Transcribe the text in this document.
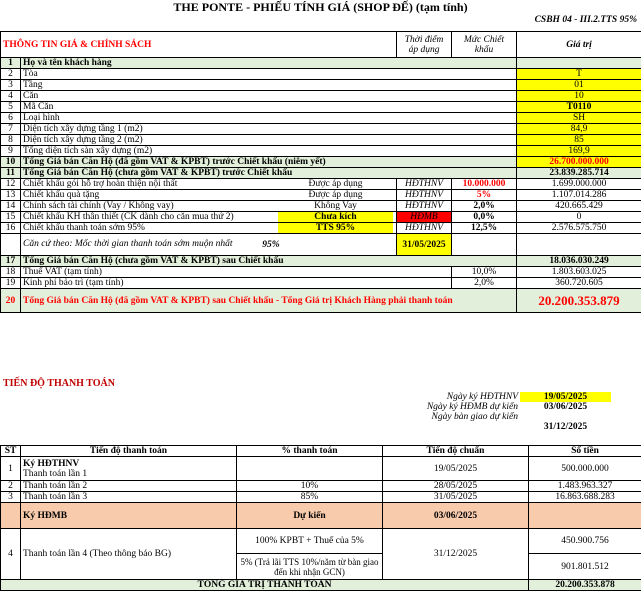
THE PONTE - PHIẾU TÍNH GIÁ (SHOP ĐẾ) (tạm tính)
CSBH 04 - III.2.TTS 95%
THÔNG TIN GIÁ & CHÍNH SÁCH		Thời điểm áp dụng	Mức Chiết khấu	Giá trị
1	Họ và tên khách hàng			
2	Tòa			T
3	Tầng			01
4	Căn			10
5	Mã Căn			T0110
6	Loại hình			SH
7	Diện tích xây dựng tầng 1 (m2)			84,9
8	Diện tích xây dựng tầng 2 (m2)			85
9	Tổng diện tích sàn xây dựng (m2)			169,9
10	Tổng Giá bán Căn Hộ (đã gồm VAT & KPBT) trước Chiết khấu (niêm yết)			26.700.000.000
11	Tổng Giá bán Căn Hộ (chưa gồm VAT & KPBT) trước Chiết khấu			23.839.285.714
12	Chiết khấu gói hỗ trợ hoàn thiện nội thất Được áp dụng	HĐTHNV	10.000.000	1.699.000.000
13	Chiết khấu quà tặng Được áp dụng	HĐTHNV	5%	1.107.014.286
14	Chính sách tài chính (Vay / Không vay) Không Vay	HĐTHNV	2,0%	420.665.429
15	Chiết khấu KH thân thiết (CK dành cho căn mua thứ 2) Chưa kích	HĐMB	0,0%	0
16	Chiết khấu thanh toán sớm 95% TTS 95%	HĐTHNV	12,5%	2.576.575.750
	Căn cứ theo: Mốc thời gian thanh toán sớm muộn nhất 95%	31/05/2025		
17	Tổng Giá bán Căn Hộ (chưa gồm VAT & KPBT) sau Chiết khấu			18.036.030.249
18	Thuế VAT (tạm tính)		10,0%	1.803.603.025
19	Kinh phí bảo trì (tạm tính)		2,0%	360.720.605
20	Tổng Giá bán Căn Hộ (đã gồm VAT & KPBT) sau Chiết khấu - Tổng Giá trị Khách Hàng phải thanh toán			20.200.353.879
TIẾN ĐỘ THANH TOÁN
Ngày ký HĐTHNV	19/05/2025	
Ngày ký HĐMB dự kiến	03/06/2025	
Ngày bàn giao dự kiến		
	31/12/2025	
ST	Tiến độ thanh toán	% thanh toán	Tiến độ chuẩn	Số tiền
1	Ký HĐTHNV
Thanh toán lần 1		19/05/2025	500.000.000
2	Thanh toán lần 2	10%	28/05/2025	1.483.963.327
3	Thanh toán lần 3	85%	31/05/2025	16.863.688.283
	Ký HĐMB	Dự kiến	03/06/2025	
4	Thanh toán lần 4 (Theo thông báo BG)	100% KPBT + Thuế của 5%	31/12/2025	450.900.756
		5% (Trả lãi TTS 10%/năm từ bàn giao đến khi nhận GCN)		901.801.512
TỔNG GIÁ TRỊ THANH TOÁN				20.200.353.878
